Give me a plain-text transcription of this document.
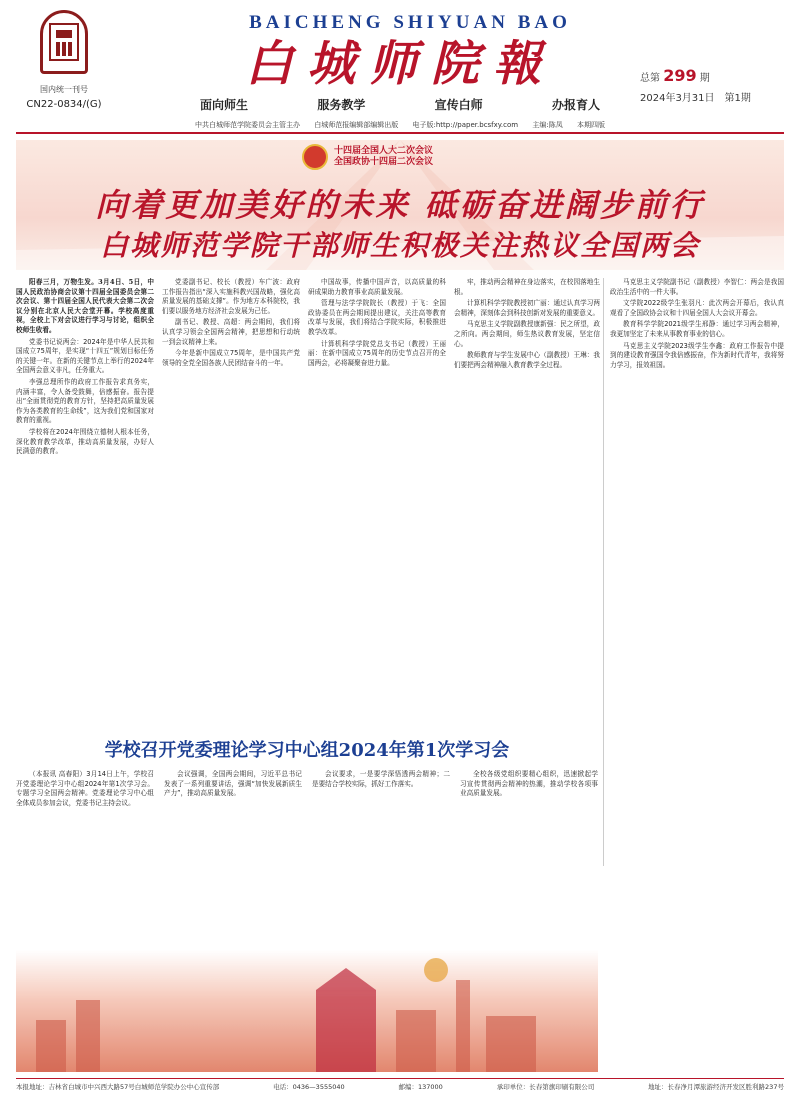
国内统一刊号
CN22-0834/(G)
BAICHENG SHIYUAN BAO
白城师院報
面向师生	服务教学	宣传白师	办报育人
总第 299 期
2024年3月31日　第1期
中共白城师范学院委员会主管主办 白城师范报编辑部编辑出版 电子版:http://paper.bcsfxy.com 主编:陈凤 本期四版
十四届全国人大二次会议
全国政协十四届二次会议
向着更加美好的未来 砥砺奋进阔步前行
白城师范学院干部师生积极关注热议全国两会

阳春三月，万物生发。3月4日、5日，中国人民政治协商会议第十四届全国委员会第二次会议、第十四届全国人民代表大会第二次会议分别在北京人民大会堂开幕。学校高度重视，全校上下对会议进行学习与讨论，组织全校师生收看。

党委书记说两会：2024年是中华人民共和国成立75周年，是实现“十四五”规划目标任务的关键一年。在新的关键节点上举行的2024年全国两会意义非凡，任务重大。

李强总理所作的政府工作报告求真务实，内涵丰富，令人备受鼓舞，倍感振奋。报告提出“全面贯彻党的教育方针，坚持把高质量发展作为各类教育的生命线”，这为我们党和国家对教育的重视。

学校将在2024年围绕立德树人根本任务，深化教育教学改革，推动高质量发展，办好人民满意的教育。

党委副书记、校长（教授）车广波：政府工作报告指出“深入实施科教兴国战略，强化高质量发展的基础支撑”。作为地方本科院校，我们要以服务地方经济社会发展为己任。

副书记、教授、高超：两会期间，我们将认真学习领会全国两会精神，把思想和行动统一到会议精神上来。

今年是新中国成立75周年，是中国共产党领导的全党全国各族人民团结奋斗的一年。

中国故事，传播中国声音，以高质量的科研成果助力教育事业高质量发展。

管理与法学学院院长（教授）于飞：全国政协委员在两会期间提出建议，关注高等教育改革与发展，我们将结合学院实际，积极推进教学改革。

计算机科学学院党总支书记（教授）王丽丽：在新中国成立75周年的历史节点召开的全国两会，必将凝聚奋进力量。

牢，推动两会精神在身边落实，在校园落地生根。

计算机科学学院教授初广丽：通过认真学习两会精神，深刻体会到科技创新对发展的重要意义。

马克思主义学院副教授康新强：民之所望，政之所向。两会期间，师生热议教育发展，坚定信心。

教师教育与学生发展中心（副教授）王琳：我们要把两会精神融入教育教学全过程。

马克思主义学院副书记（副教授）李智仁：两会是我国政治生活中的一件大事。

文学院2022级学生张羽凡：此次两会开幕后，我认真观看了全国政协会议和十四届全国人大会议开幕会。

教育科学学院2021级学生邢静：通过学习两会精神，我更加坚定了未来从事教育事业的信心。

马克思主义学院2023级学生李鑫：政府工作报告中提到的建设教育强国令我倍感振奋，作为新时代青年，我将努力学习，报效祖国。

学校召开党委理论学习中心组2024年第1次学习会

（本报讯 高春阳）3月14日上午，学校召开党委理论学习中心组2024年第1次学习会。专题学习全国两会精神。党委理论学习中心组全体成员参加会议，党委书记主持会议。

会议强调，全国两会期间，习近平总书记发表了一系列重要讲话，强调“加快发展新质生产力”，推动高质量发展。

会议要求，一是要学深悟透两会精神；二是要结合学校实际，抓好工作落实。

全校各级党组织要精心组织，迅速掀起学习宣传贯彻两会精神的热潮，推动学校各项事业高质量发展。

本报地址：吉林省白城市中兴西大路57号白城师范学院办公中心宣传部	电话：0436—3555040	邮编：137000	承印单位：长春第旗印刷有限公司	地址：长春净月潭旅游经济开发区胜利路237号
